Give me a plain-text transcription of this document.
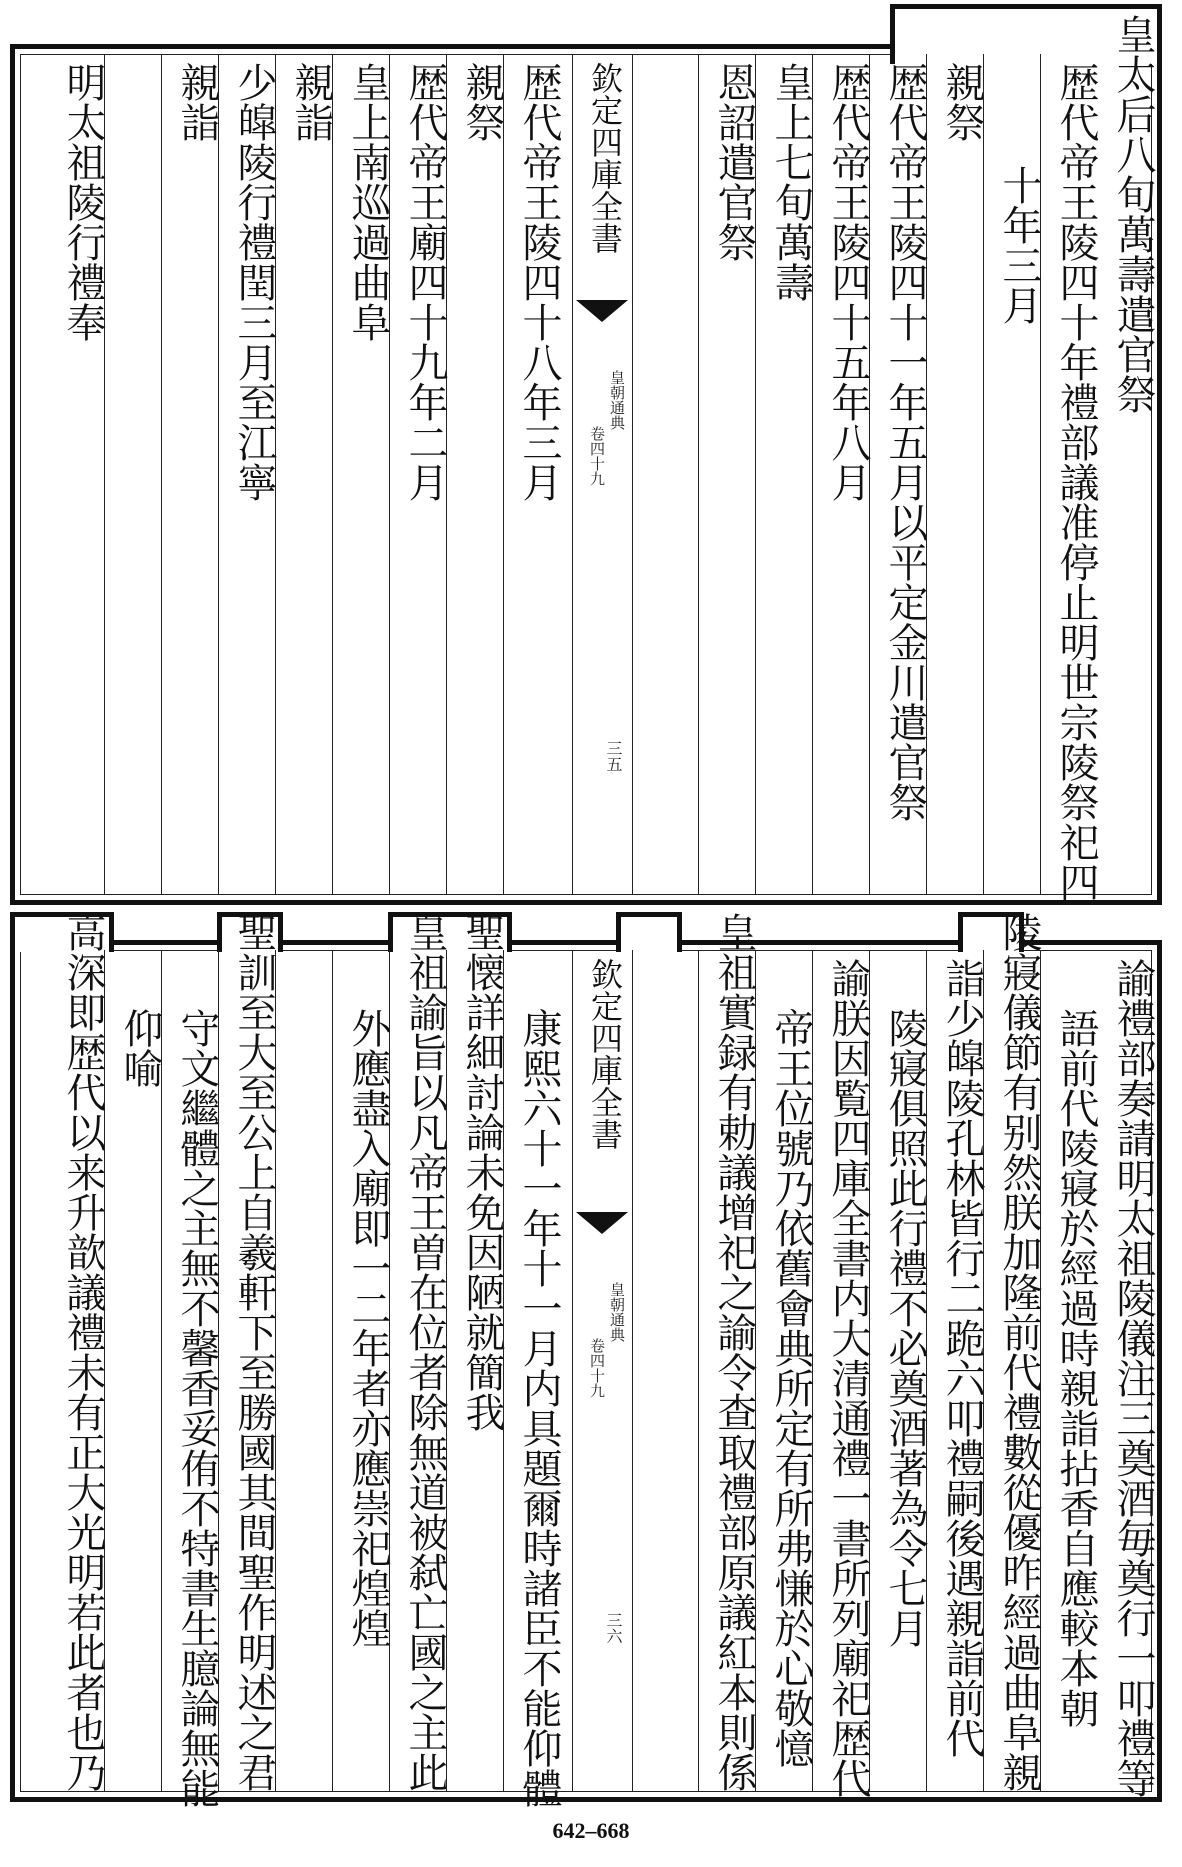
皇太后八旬萬壽遣官祭
歴代帝王陵四十年禮部議准停止明世宗陵祭祀四
十年三月
親祭
歴代帝王陵四十一年五月以平定金川遣官祭
歴代帝王陵四十五年八月
皇上七旬萬壽
恩詔遣官祭
欽定四庫全書
皇朝通典
卷四十九
三五
歴代帝王陵四十八年三月
親祭
歴代帝王廟四十九年二月
皇上南巡過曲阜
親詣
少皡陵行禮閏三月至江寧
親詣
明太祖陵行禮奉
諭禮部奏請明太祖陵儀注三奠酒毎奠行一叩禮等
語前代陵寢於經過時親詣拈香自應較本朝
陵寢儀節有别然朕加隆前代禮數從優昨經過曲阜親
詣少皡陵孔林皆行二跪六叩禮嗣後遇親詣前代
陵寢俱照此行禮不必奠酒著為令七月
諭朕因覧四庫全書内大清通禮一書所列廟祀歴代
帝王位號乃依舊會典所定有所弗慊於心敬憶
皇祖實録有勅議增祀之諭令查取禮部原議紅本則係
欽定四庫全書
皇朝通典
卷四十九
三六
康熙六十一年十一月内具題爾時諸臣不能仰體
聖懐詳細討論未免因陋就簡我
皇祖諭旨以凡帝王曽在位者除無道被弑亡國之主此
外應盡入廟即一二年者亦應崇祀煌煌
聖訓至大至公上自羲軒下至勝國其間聖作明述之君
守文繼體之主無不馨香妥侑不特書生臆論無能
仰喻
高深即歴代以来升歆議禮未有正大光明若此者也乃
642–668
